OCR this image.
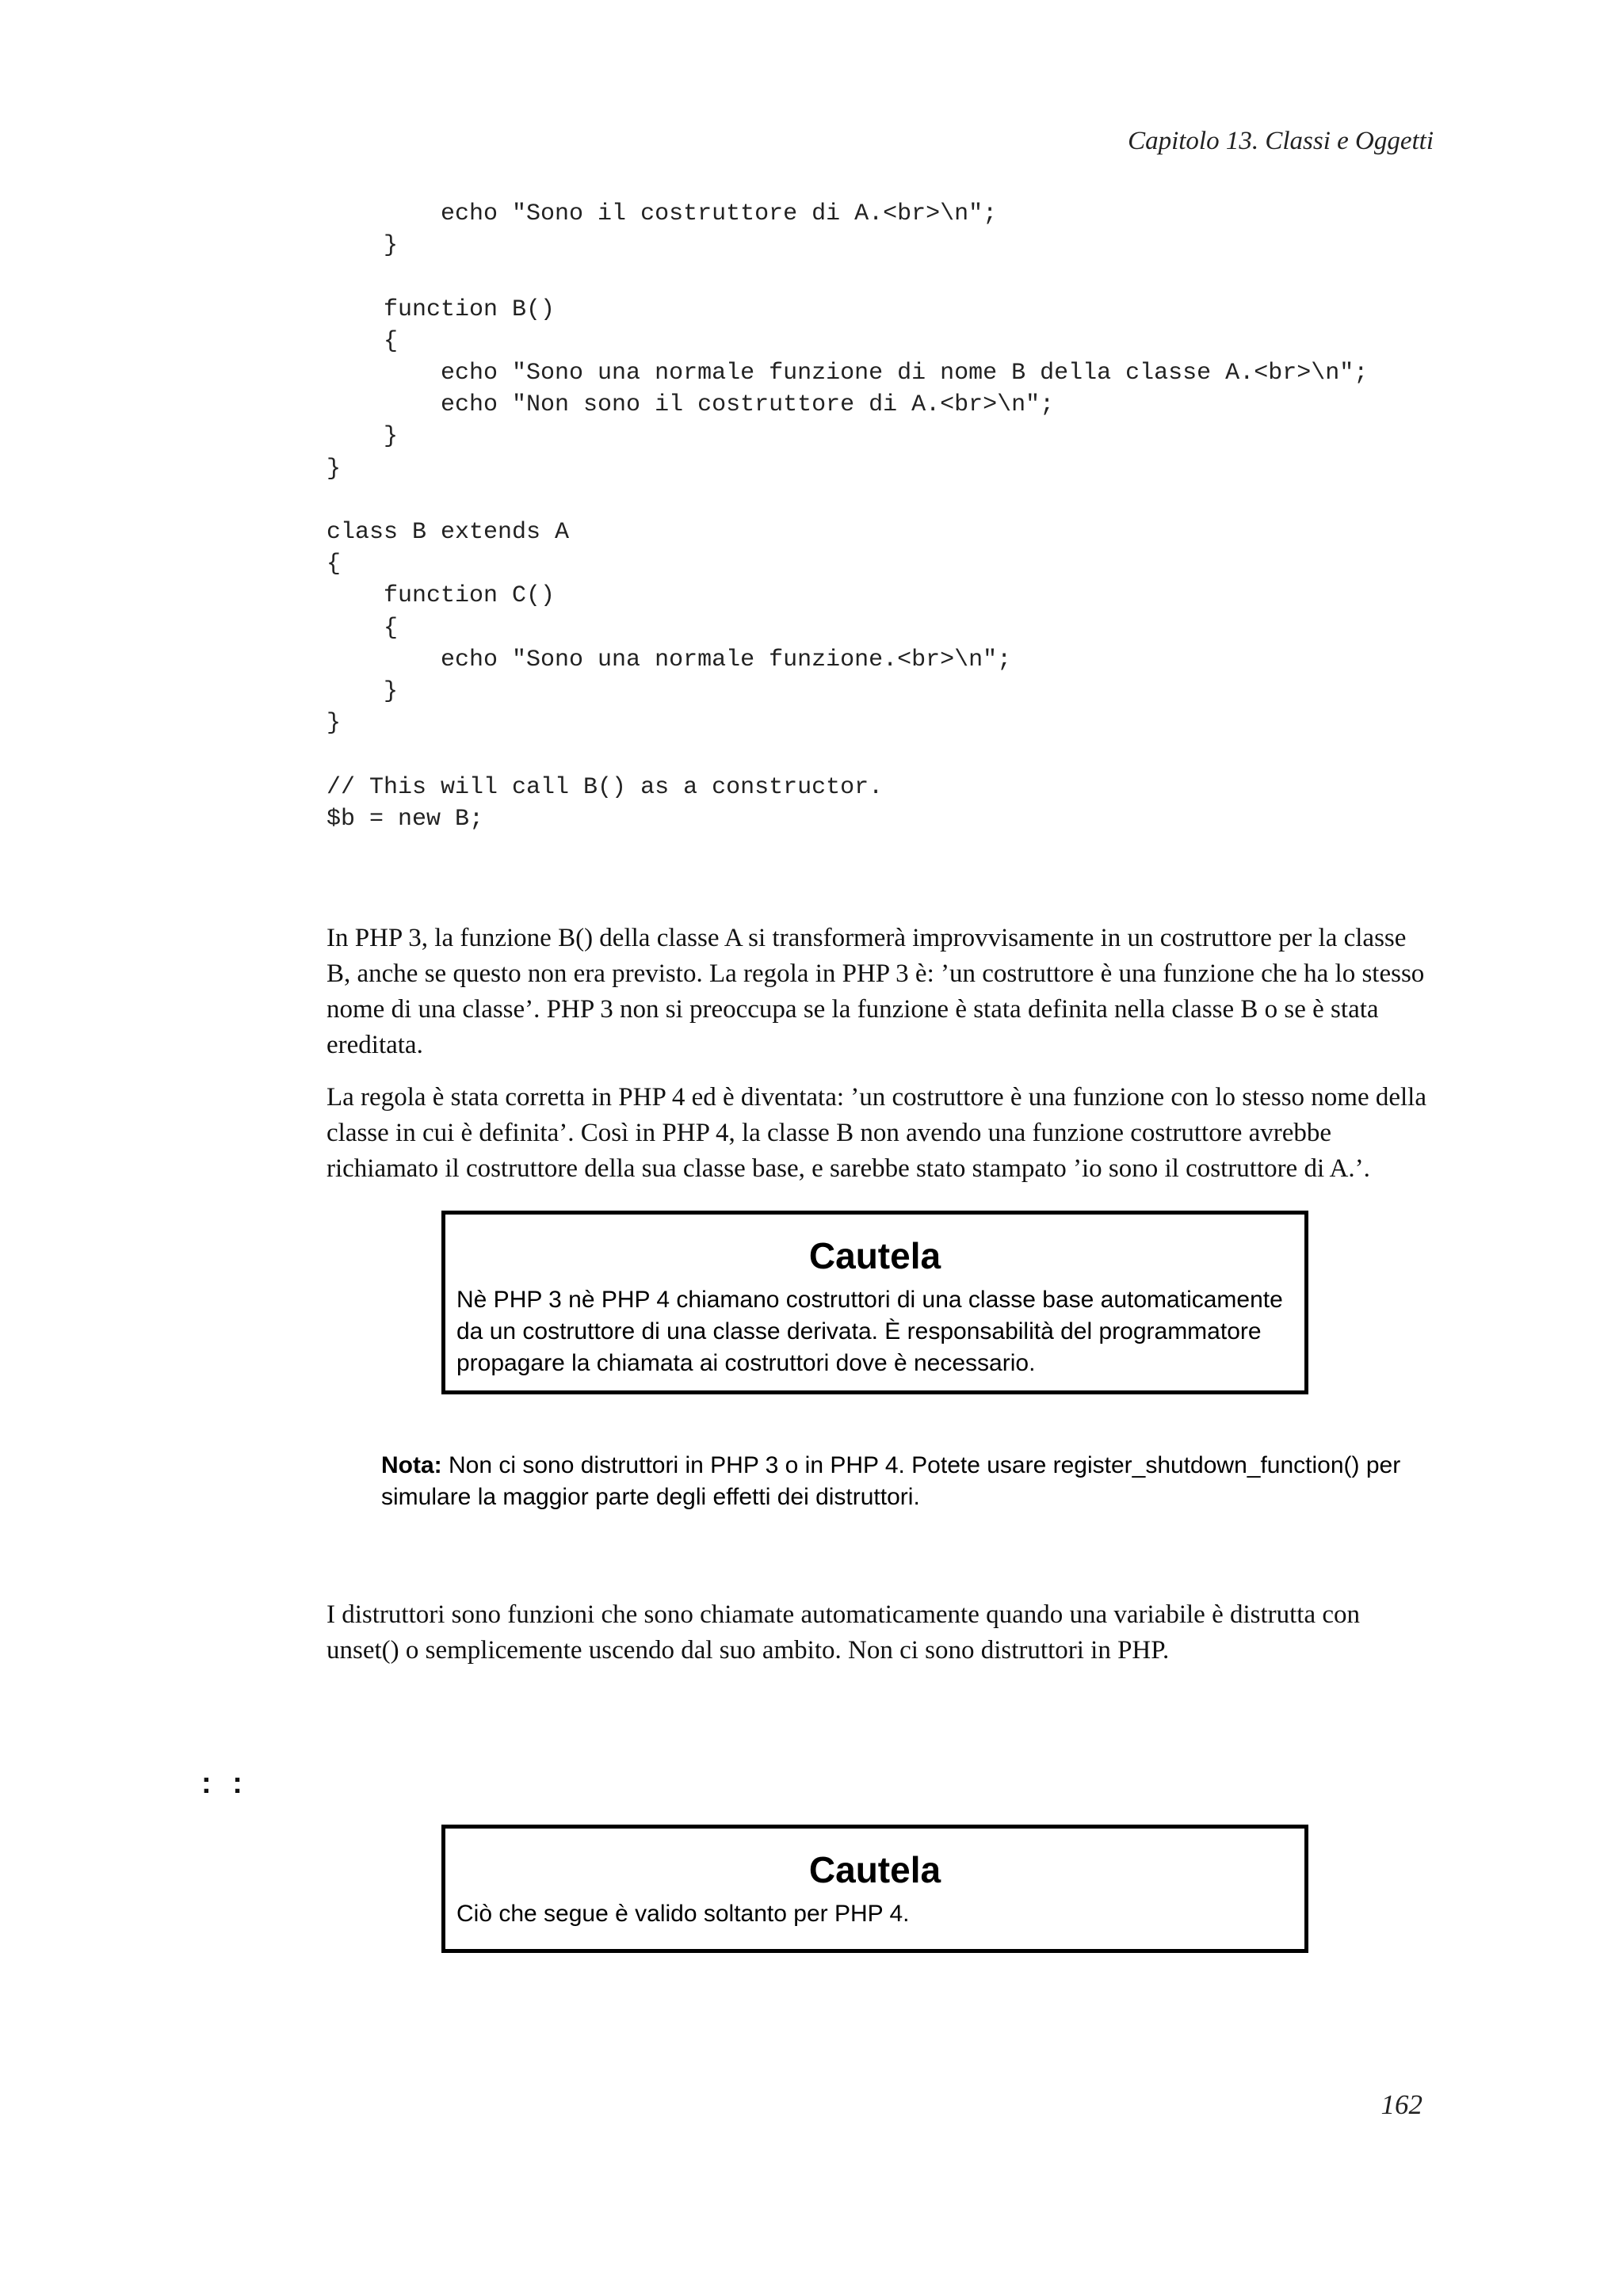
Capitolo 13. Classi e Oggetti
echo "Sono il costruttore di A.<br>\n";
}

function B()
{
echo "Sono una normale funzione di nome B della classe A.<br>\n";
echo "Non sono il costruttore di A.<br>\n";
}
}

class B extends A
{
function C()
{
echo "Sono una normale funzione.<br>\n";
}
}

// This will call B() as a constructor.
$b = new B;

In PHP 3, la funzione B() della classe A si transformerà improvvisamente in un costruttore per la classe B, anche se questo non era previsto. La regola in PHP 3 è: ’un costruttore è una funzione che ha lo stesso nome di una classe’. PHP 3 non si preoccupa se la funzione è stata definita nella classe B o se è stata ereditata.

La regola è stata corretta in PHP 4 ed è diventata: ’un costruttore è una funzione con lo stesso nome della classe in cui è definita’. Così in PHP 4, la classe B non avendo una funzione costruttore avrebbe richiamato il costruttore della sua classe base, e sarebbe stato stampato ’io sono il costruttore di A.’.

Cautela
Nè PHP 3 nè PHP 4 chiamano costruttori di una classe base automaticamente da un costruttore di una classe derivata. È responsabilità del programmatore propagare la chiamata ai costruttori dove è necessario.
Nota: Non ci sono distruttori in PHP 3 o in PHP 4. Potete usare register_shutdown_function() per simulare la maggior parte degli effetti dei distruttori.

I distruttori sono funzioni che sono chiamate automaticamente quando una variabile è distrutta con unset() o semplicemente uscendo dal suo ambito. Non ci sono distruttori in PHP.

: :
Cautela
Ciò che segue è valido soltanto per PHP 4.
162
